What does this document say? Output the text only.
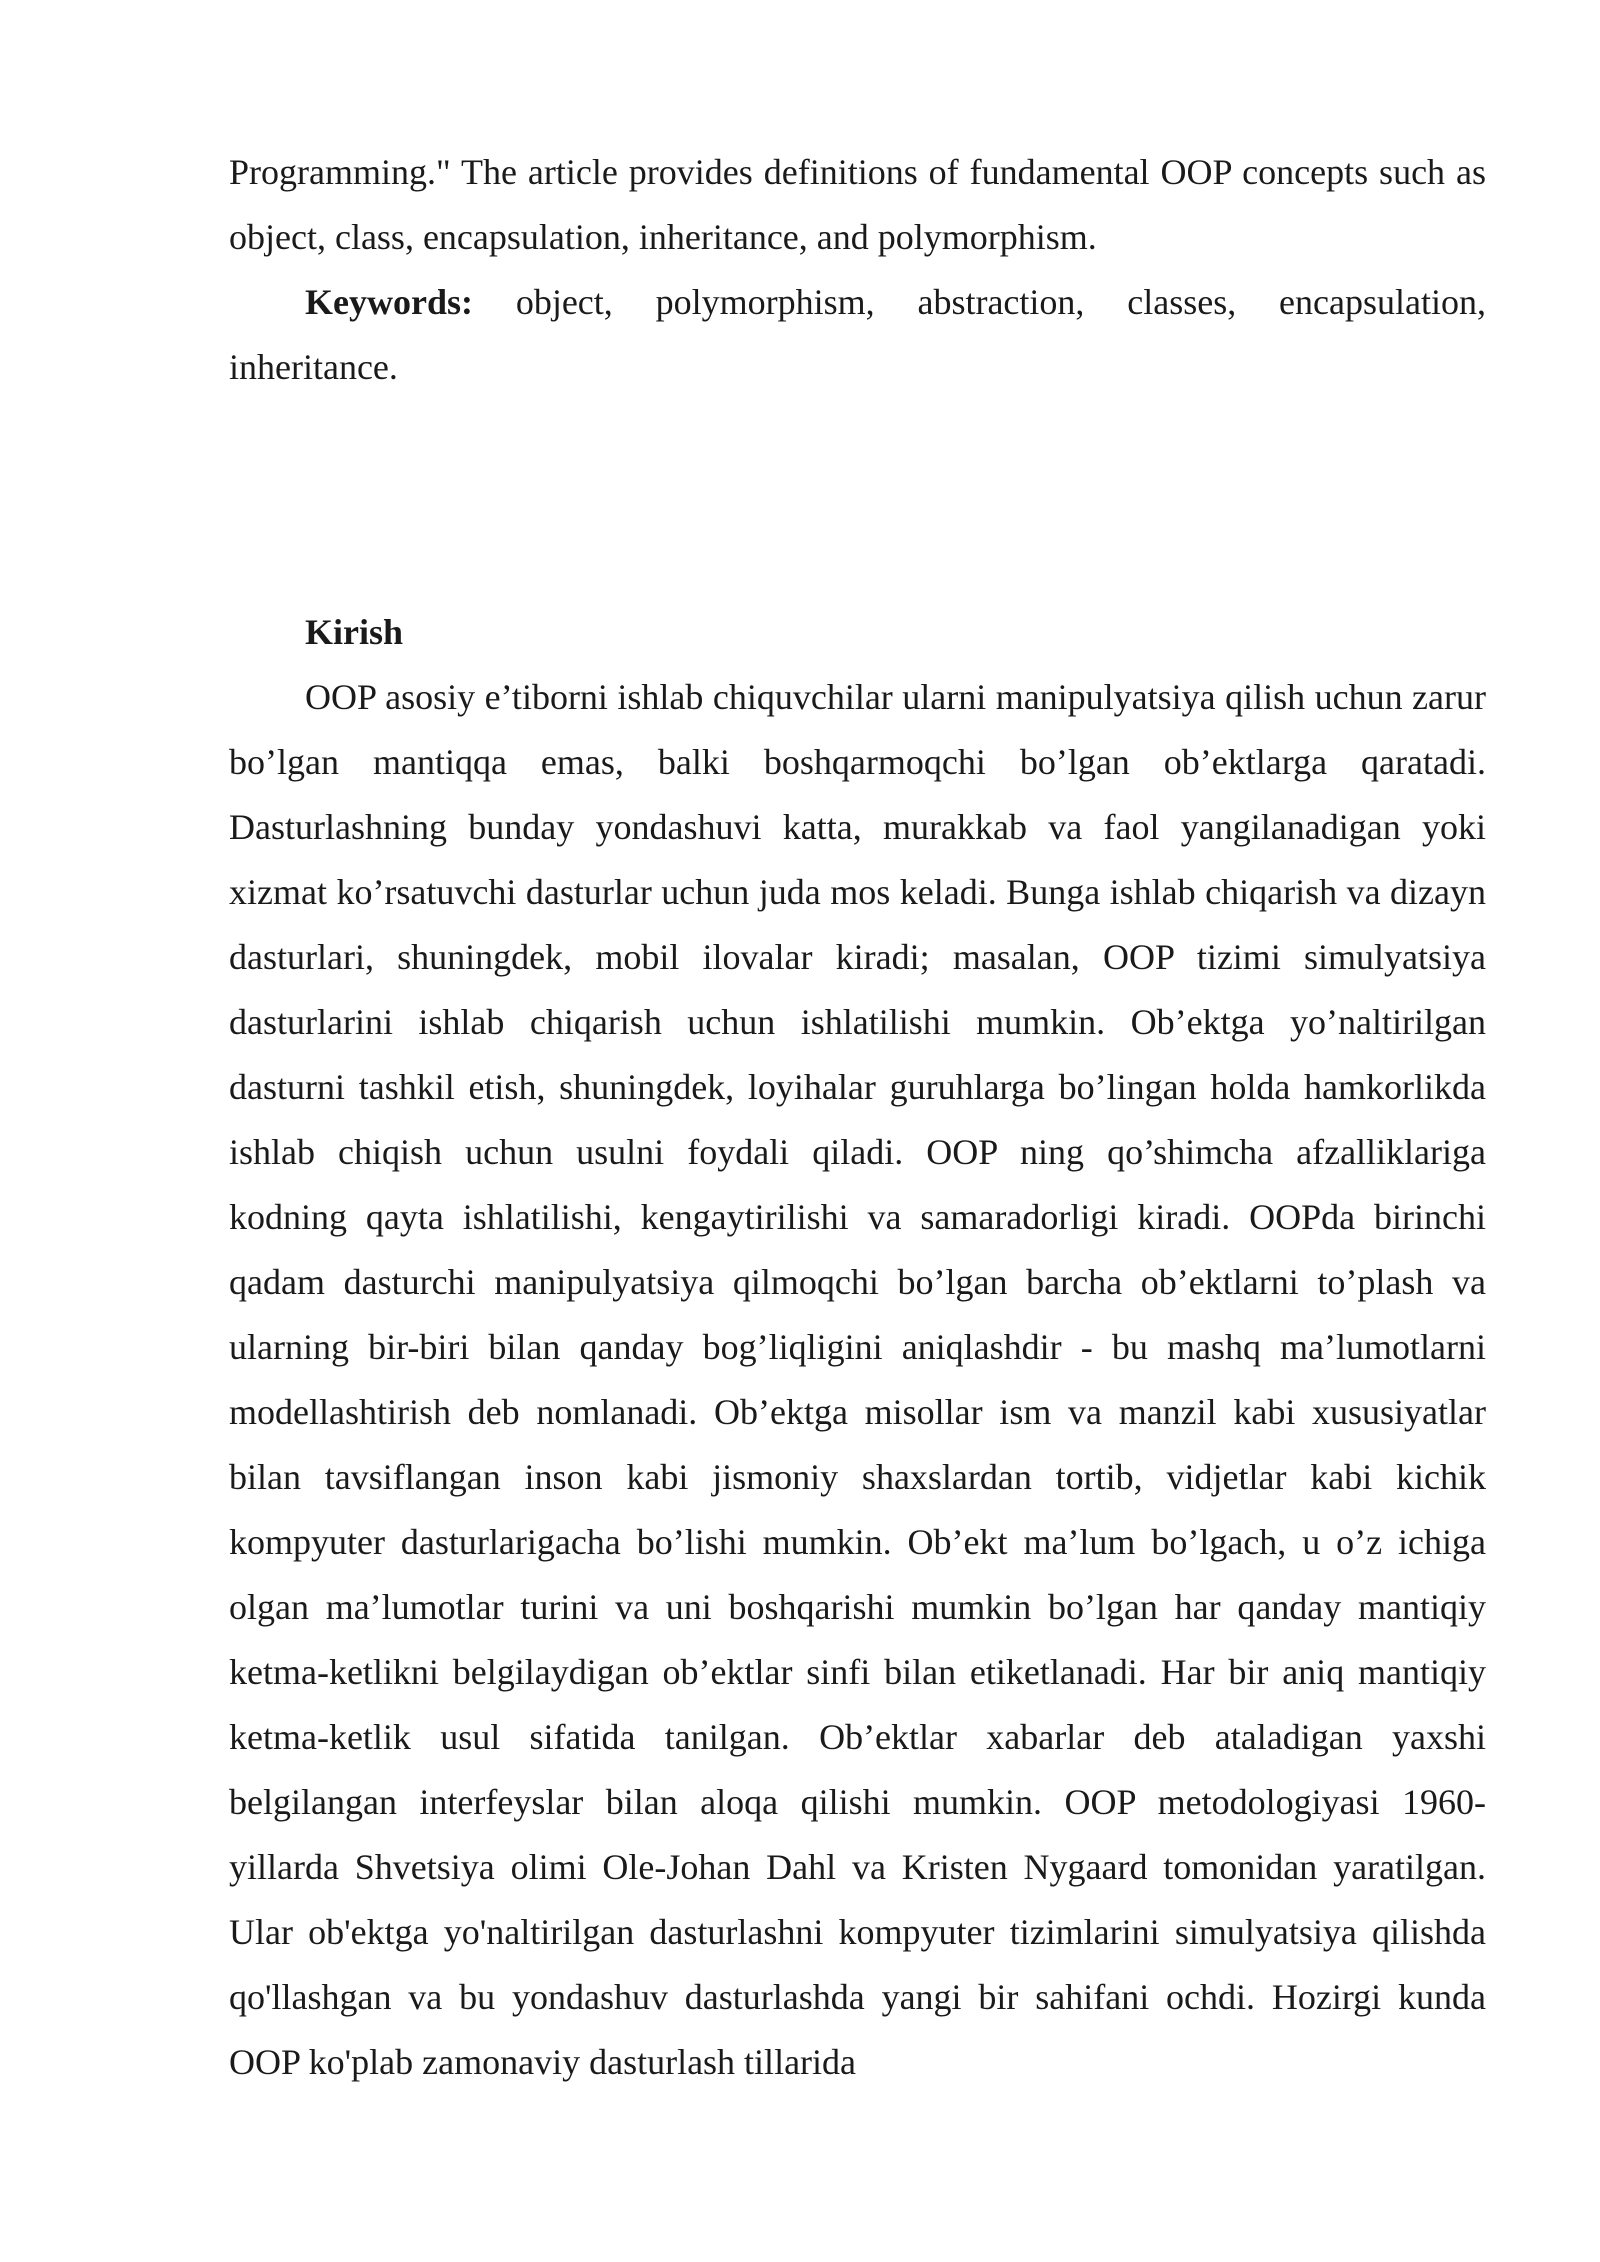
Programming." The article provides definitions of fundamental OOP concepts such as object, class, encapsulation, inheritance, and polymorphism.

Keywords: object, polymorphism, abstraction, classes, encapsulation, inheritance.

Kirish

OOP asosiy e’tiborni ishlab chiquvchilar ularni manipulyatsiya qilish uchun zarur bo’lgan mantiqqa emas, balki boshqarmoqchi bo’lgan ob’ektlarga qaratadi. Dasturlashning bunday yondashuvi katta, murakkab va faol yangilanadigan yoki xizmat ko’rsatuvchi dasturlar uchun juda mos keladi. Bunga ishlab chiqarish va dizayn dasturlari, shuningdek, mobil ilovalar kiradi; masalan, OOP tizimi simulyatsiya dasturlarini ishlab chiqarish uchun ishlatilishi mumkin. Ob’ektga yo’naltirilgan dasturni tashkil etish, shuningdek, loyihalar guruhlarga bo’lingan holda hamkorlikda ishlab chiqish uchun usulni foydali qiladi. OOP ning qo’shimcha afzalliklariga kodning qayta ishlatilishi, kengaytirilishi va samaradorligi kiradi. OOPda birinchi qadam dasturchi manipulyatsiya qilmoqchi bo’lgan barcha ob’ektlarni to’plash va ularning bir-biri bilan qanday bog’liqligini aniqlashdir - bu mashq ma’lumotlarni modellashtirish deb nomlanadi. Ob’ektga misollar ism va manzil kabi xususiyatlar bilan tavsiflangan inson kabi jismoniy shaxslardan tortib, vidjetlar kabi kichik kompyuter dasturlarigacha bo’lishi mumkin. Ob’ekt ma’lum bo’lgach, u o’z ichiga olgan ma’lumotlar turini va uni boshqarishi mumkin bo’lgan har qanday mantiqiy ketma-ketlikni belgilaydigan ob’ektlar sinfi bilan etiketlanadi. Har bir aniq mantiqiy ketma-ketlik usul sifatida tanilgan. Ob’ektlar xabarlar deb ataladigan yaxshi belgilangan interfeyslar bilan aloqa qilishi mumkin. OOP metodologiyasi 1960-yillarda Shvetsiya olimi Ole-Johan Dahl va Kristen Nygaard tomonidan yaratilgan. Ular ob'ektga yo'naltirilgan dasturlashni kompyuter tizimlarini simulyatsiya qilishda qo'llashgan va bu yondashuv dasturlashda yangi bir sahifani ochdi. Hozirgi kunda OOP ko'plab zamonaviy dasturlash tillarida
